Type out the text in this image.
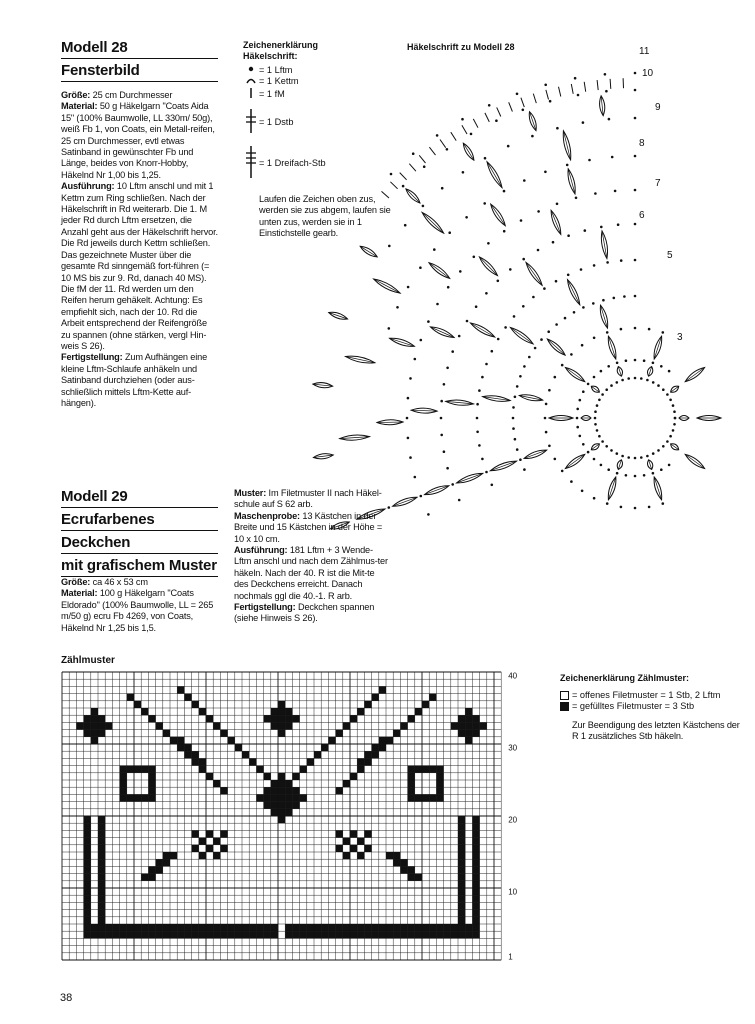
Modell 28
Fensterbild

Größe: 25 cm Durchmesser

Material: 50 g Häkelgarn "Coats Aida 15" (100% Baumwolle, LL 330m/ 50g), weiß Fb 1, von Coats, ein Metall-reifen, 25 cm Durchmesser, evtl etwas Satinband in gewünschter Fb und Länge, beides von Knorr-Hobby, Häkelnd Nr 1,00 bis 1,25.

Ausführung: 10 Lftm anschl und mit 1 Kettm zum Ring schließen. Nach der Häkelschrift in Rd weiterarb. Die 1. M jeder Rd durch Lftm ersetzen, die Anzahl geht aus der Häkelschrift hervor. Die Rd jeweils durch Kettm schließen. Das gezeichnete Muster über die gesamte Rd sinngemäß fort-führen (= 10 MS bis zur 9. Rd, danach 40 MS). Die fM der 11. Rd werden um den Reifen herum gehäkelt. Achtung: Es empfiehlt sich, nach der 10. Rd die Arbeit entsprechend der Reifengröße zu spannen (ohne stärken, vergl Hin-weis S 26).

Fertigstellung: Zum Aufhängen eine kleine Lftm-Schlaufe anhäkeln und Satinband durchziehen (oder aus-schließlich mittels Lftm-Kette auf-hängen).

Zeichenerklärung
Häkelschrift:
= 1 Lftm
= 1 Kettm
= 1 fM
= 1 Dstb
= 1 Dreifach-Stb
Laufen die Zeichen oben zus, werden sie zus abgem, laufen sie unten zus, werden sie in 1 Einstichstelle gearb.
Häkelschrift zu Modell 28
3
5
6
7
8
9
10
11
Modell 29
Ecrufarbenes
Deckchen
mit grafischem Muster

Größe: ca 46 x 53 cm

Material: 100 g Häkelgarn "Coats Eldorado" (100% Baumwolle, LL = 265 m/50 g) ecru Fb 4269, von Coats, Häkelnd Nr 1,25 bis 1,5.

Muster: Im Filetmuster II nach Häkel-schule auf S 62 arb.

Maschenprobe: 13 Kästchen in der Breite und 15 Kästchen in der Höhe = 10 x 10 cm.

Ausführung: 181 Lftm + 3 Wende-Lftm anschl und nach dem Zählmus-ter häkeln. Nach der 40. R ist die Mit-te des Deckchens erreicht. Danach nochmals ggl die 40.-1. R arb.

Fertigstellung: Deckchen spannen (siehe Hinweis S 26).

Zählmuster
40
30
20
10
1
Zeichenerklärung Zählmuster:
= offenes Filetmuster = 1 Stb, 2 Lftm
= gefülltes Filetmuster = 3 Stb
Zur Beendigung des letzten Kästchens der R 1 zusätzliches Stb häkeln.
38
